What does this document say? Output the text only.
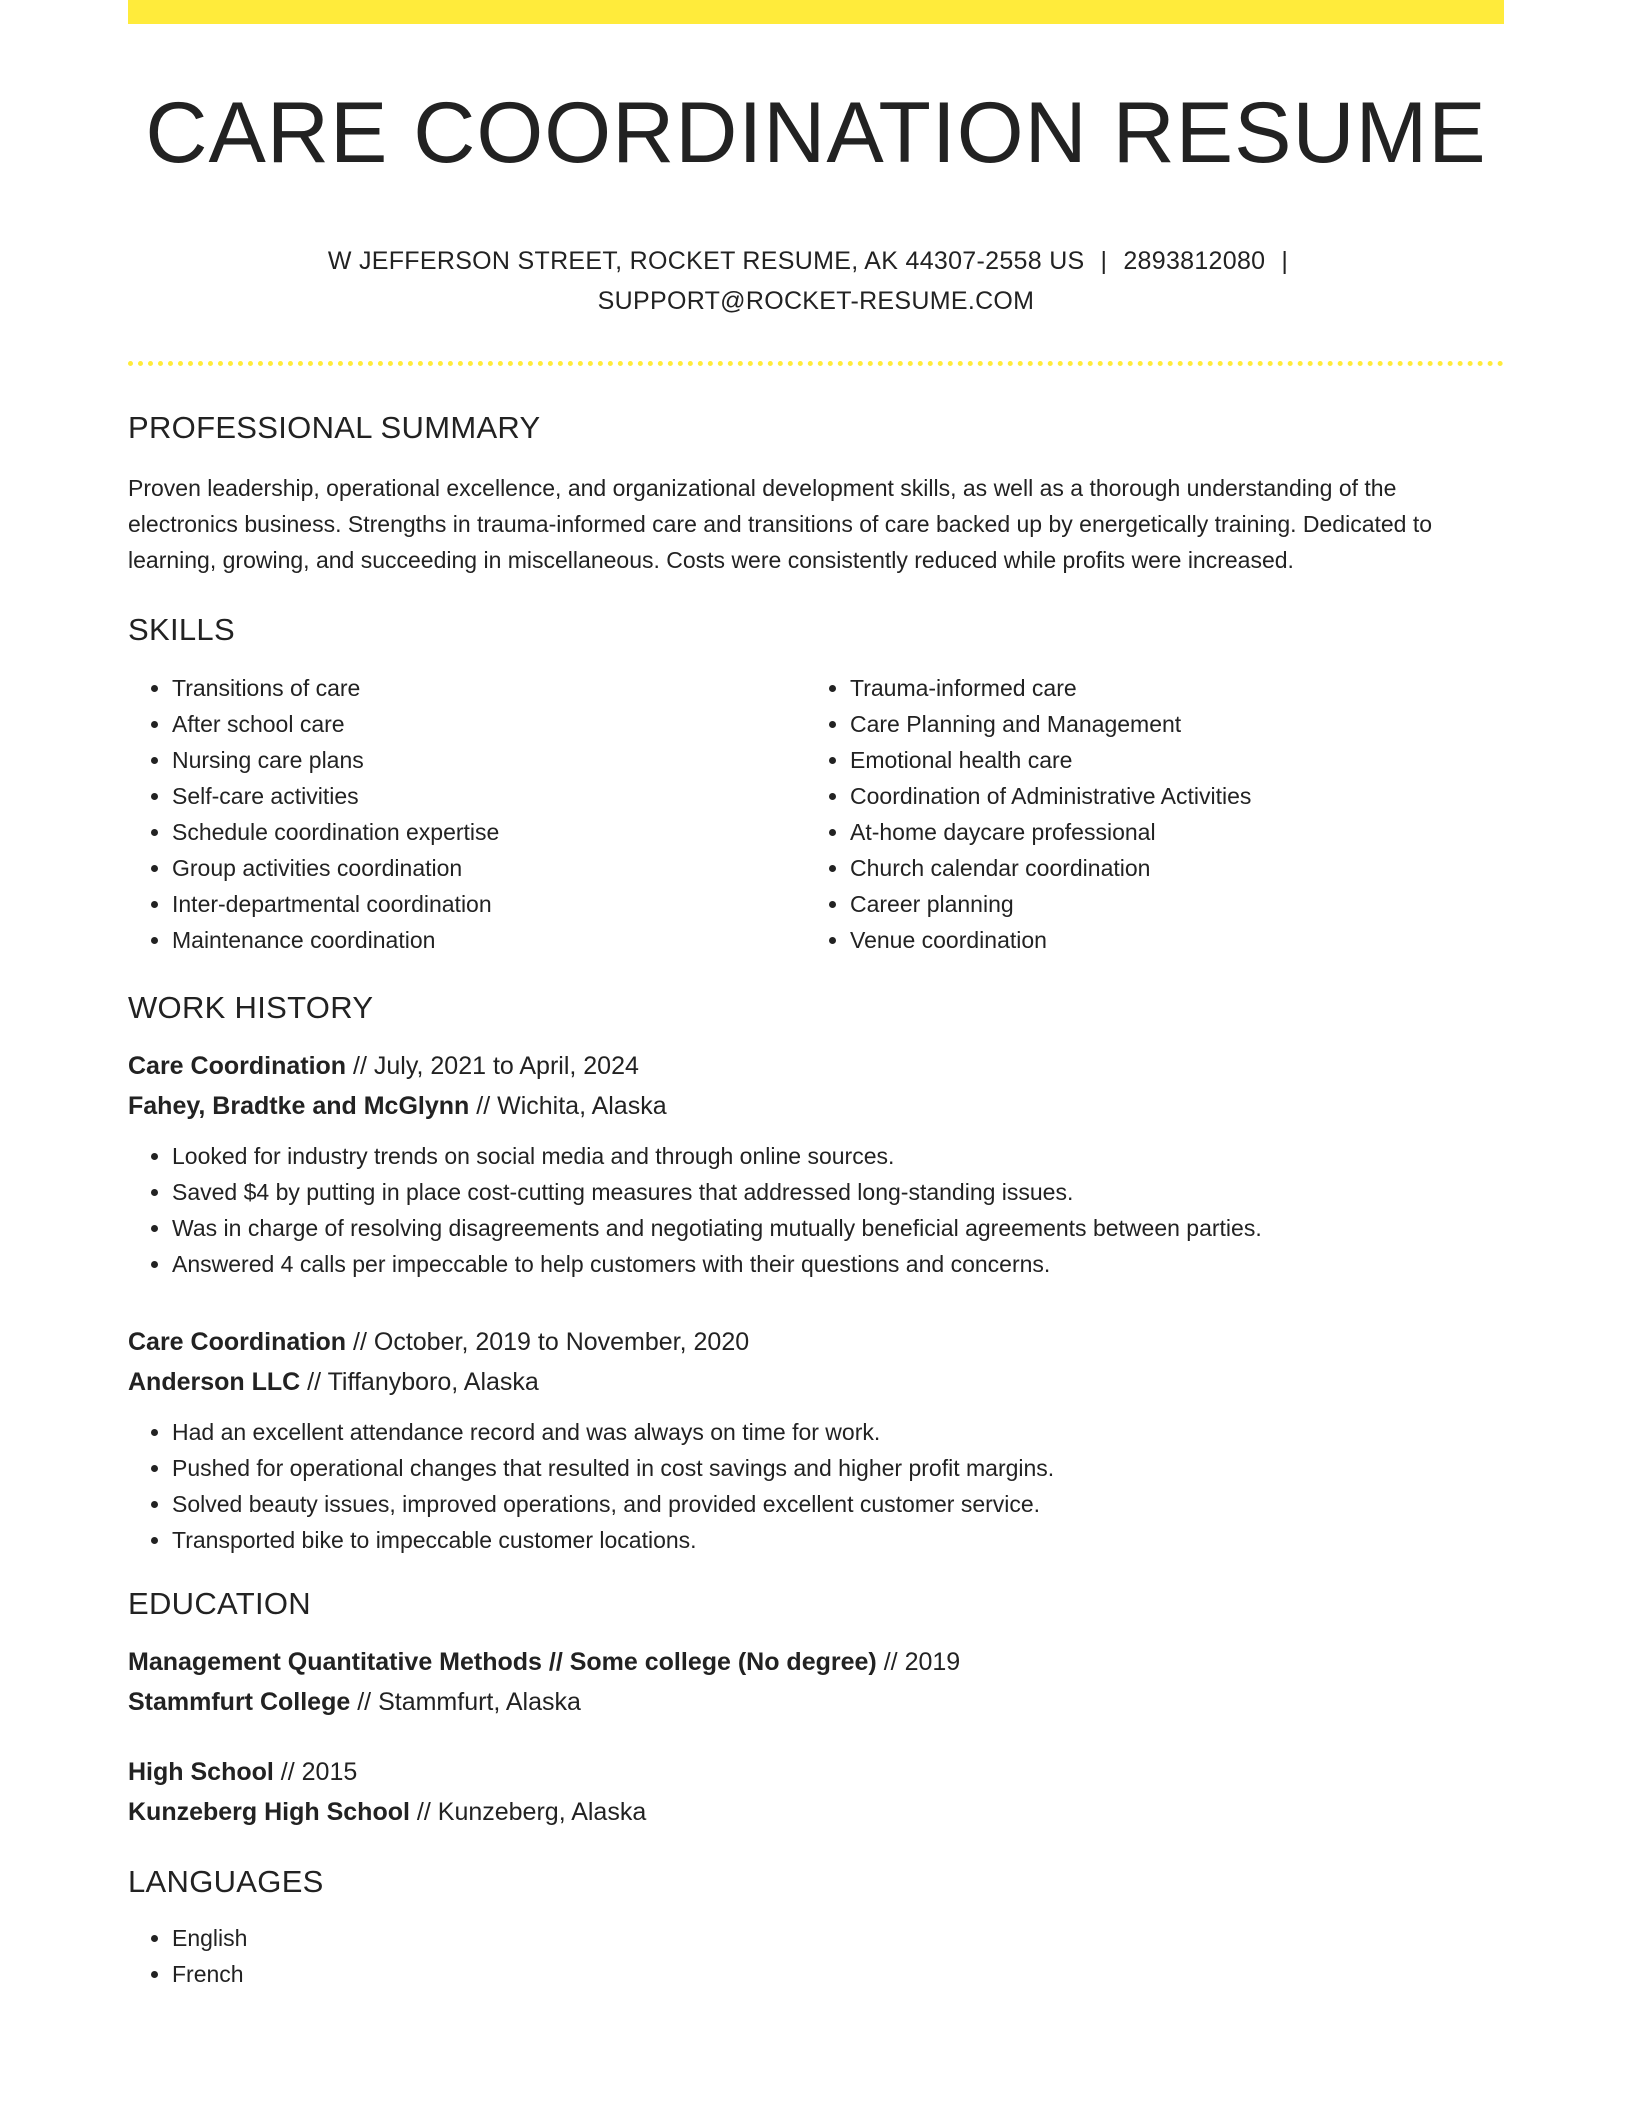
CARE COORDINATION RESUME
W JEFFERSON STREET, ROCKET RESUME, AK 44307-2558 US | 2893812080 |
SUPPORT@ROCKET-RESUME.COM
PROFESSIONAL SUMMARY

Proven leadership, operational excellence, and organizational development skills, as well as a thorough understanding of the electronics business. Strengths in trauma-informed care and transitions of care backed up by energetically training. Dedicated to learning, growing, and succeeding in miscellaneous. Costs were consistently reduced while profits were increased.

SKILLS
• Transitions of care
• After school care
• Nursing care plans
• Self-care activities
• Schedule coordination expertise
• Group activities coordination
• Inter-departmental coordination
• Maintenance coordination
• Trauma-informed care
• Care Planning and Management
• Emotional health care
• Coordination of Administrative Activities
• At-home daycare professional
• Church calendar coordination
• Career planning
• Venue coordination
WORK HISTORY
Care Coordination // July, 2021 to April, 2024
Fahey, Bradtke and McGlynn // Wichita, Alaska
• Looked for industry trends on social media and through online sources.
• Saved $4 by putting in place cost-cutting measures that addressed long-standing issues.
• Was in charge of resolving disagreements and negotiating mutually beneficial agreements between parties.
• Answered 4 calls per impeccable to help customers with their questions and concerns.
Care Coordination // October, 2019 to November, 2020
Anderson LLC // Tiffanyboro, Alaska
• Had an excellent attendance record and was always on time for work.
• Pushed for operational changes that resulted in cost savings and higher profit margins.
• Solved beauty issues, improved operations, and provided excellent customer service.
• Transported bike to impeccable customer locations.
EDUCATION
Management Quantitative Methods // Some college (No degree) // 2019
Stammfurt College // Stammfurt, Alaska
High School // 2015
Kunzeberg High School // Kunzeberg, Alaska
LANGUAGES
• English
• French
